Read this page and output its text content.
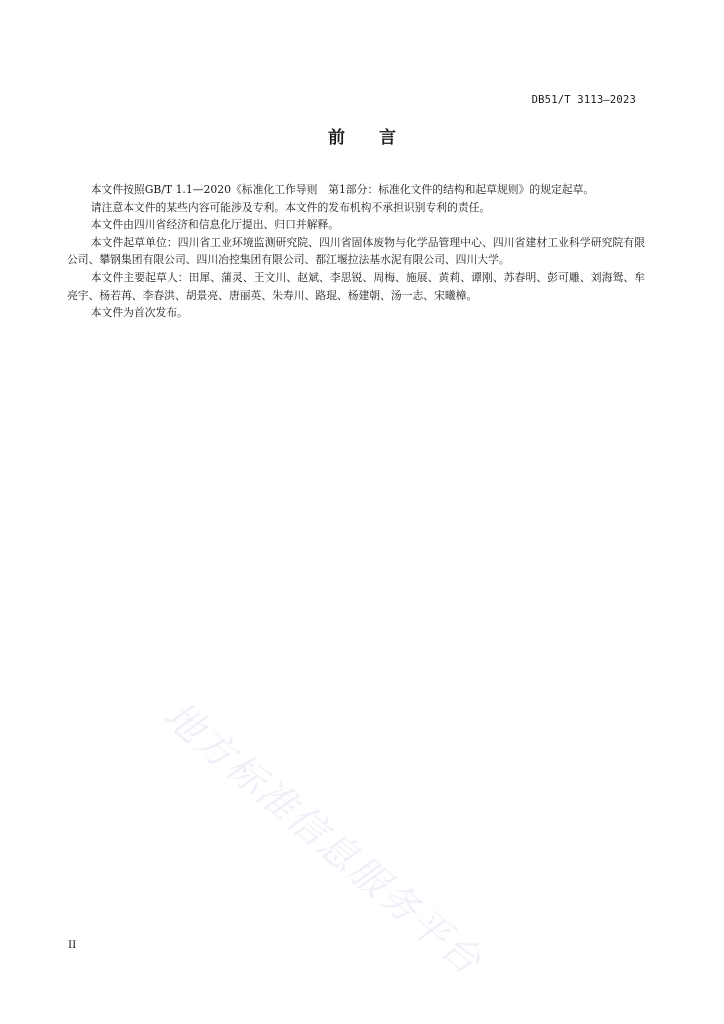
DB51/T 3113—2023
前 言

本文件按照GB/T 1.1—2020《标准化工作导则　第1部分：标准化文件的结构和起草规则》的规定起草。

请注意本文件的某些内容可能涉及专利。本文件的发布机构不承担识别专利的责任。

本文件由四川省经济和信息化厅提出、归口并解释。

本文件起草单位：四川省工业环境监测研究院、四川省固体废物与化学品管理中心、四川省建材工业科学研究院有限公司、攀钢集团有限公司、四川冶控集团有限公司、都江堰拉法基水泥有限公司、四川大学。

本文件主要起草人：田犀、蒲灵、王文川、赵斌、李思锐、周梅、施展、黄莉、谭刚、苏春明、彭可雕、刘海鸳、牟亮宇、杨若苒、李春洪、胡景亮、唐丽英、朱寿川、路琨、杨建朝、汤一志、宋曦樟。

本文件为首次发布。

地方标准信息服务平台
II
